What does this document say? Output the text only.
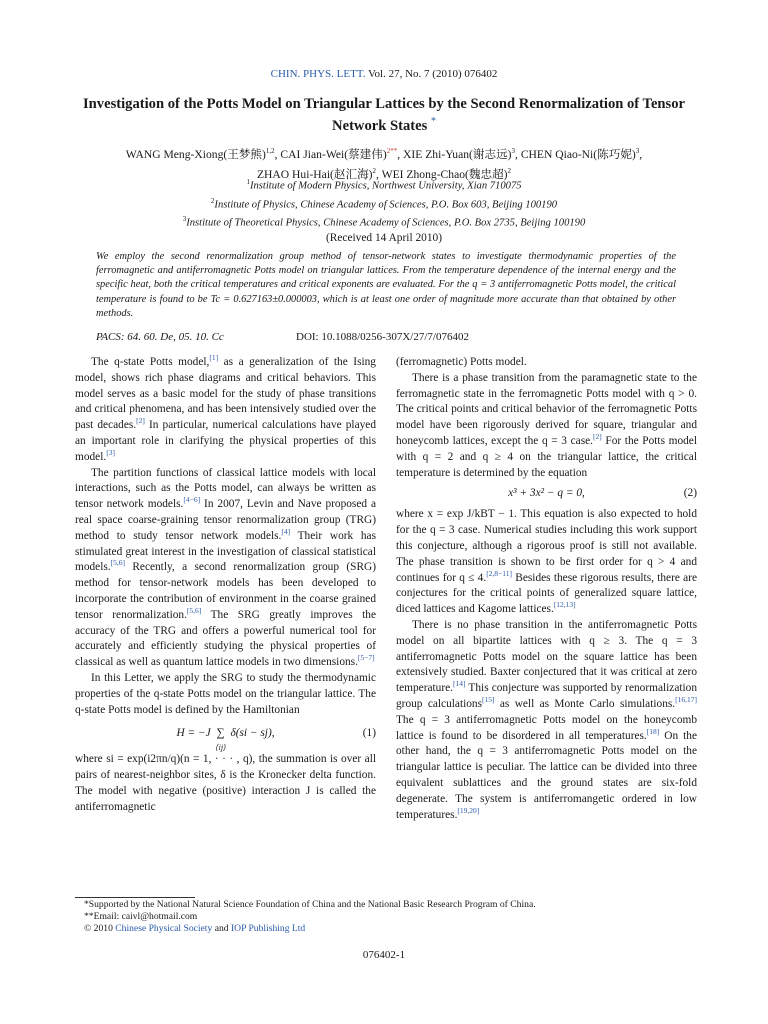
CHIN. PHYS. LETT. Vol. 27, No. 7 (2010) 076402
Investigation of the Potts Model on Triangular Lattices by the Second Renormalization of Tensor Network States *
WANG Meng-Xiong(王梦熊)$^{1,2}$, CAI Jian-Wei(蔡建伟)$^{2**}$, XIE Zhi-Yuan(谢志远)$^3$, CHEN Qiao-Ni(陈巧妮)$^3$,
ZHAO Hui-Hai(赵汇海)$^2$, WEI Zhong-Chao(魏忠超)$^2$
$^1$Institute of Modern Physics, Northwest University, Xian 710075
$^2$Institute of Physics, Chinese Academy of Sciences, P.O. Box 603, Beijing 100190
$^3$Institute of Theoretical Physics, Chinese Academy of Sciences, P.O. Box 2735, Beijing 100190
(Received 14 April 2010)
We employ the second renormalization group method of tensor-network states to investigate thermodynamic properties of the ferromagnetic and antiferromagnetic Potts model on triangular lattices. From the temperature dependence of the internal energy and the specific heat, both the critical temperatures and critical exponents are evaluated. For the q = 3 antiferromagnetic Potts model, the critical temperature is found to be Tc = 0.627163±0.000003, which is at least one order of magnitude more accurate than that obtained by other methods.
PACS: 64. 60. De, 05. 10. Cc	DOI: 10.1088/0256-307X/27/7/076402

The q-state Potts model,[1] as a generalization of the Ising model, shows rich phase diagrams and critical behaviors. This model serves as a basic model for the study of phase transitions and critical phenomena, and has been intensively studied over the past decades.[2] In particular, numerical calculations have played an important role in clarifying the physical properties of this model.[3]

The partition functions of classical lattice models with local interactions, such as the Potts model, can always be written as tensor network models.[4−6] In 2007, Levin and Nave proposed a real space coarse-graining tensor renormalization group (TRG) method to study tensor network models.[4] Their work has stimulated great interest in the investigation of classical statistical models.[5,6] Recently, a second renormalization group (SRG) method for tensor-network models has been developed to incorporate the contribution of environment in the coarse grained tensor renormalization.[5,6] The SRG greatly improves the accuracy of the TRG and offers a powerful numerical tool for accurately and efficiently studying the physical properties of classical as well as quantum lattice models in two dimensions.[5−7]

In this Letter, we apply the SRG to study the thermodynamic properties of the q-state Potts model on the triangular lattice. The q-state Potts model is defined by the Hamiltonian

H = −J ∑
⟨ij⟩
δ(si − sj),	(1)

where si = exp(i2πn/q)(n = 1, · · · , q), the summation is over all pairs of nearest-neighbor sites, δ is the Kronecker delta function. The model with negative (positive) interaction J is called the antiferromagnetic

(ferromagnetic) Potts model.

There is a phase transition from the paramagnetic state to the ferromagnetic state in the ferromagnetic Potts model with q > 0. The critical points and critical behavior of the ferromagnetic Potts model have been rigorously derived for square, triangular and honeycomb lattices, except the q = 3 case.[2] For the Potts model with q = 2 and q ≥ 4 on the triangular lattice, the critical temperature is determined by the equation

x³ + 3x² − q = 0,	(2)

where x = exp J/kBT − 1. This equation is also expected to hold for the q = 3 case. Numerical studies including this work support this conjecture, although a rigorous proof is still not available. The phase transition is shown to be first order for q > 4 and continues for q ≤ 4.[2,8−11] Besides these rigorous results, there are conjectures for the critical points of generalized square lattice, diced lattices and Kagome lattices.[12,13]

There is no phase transition in the antiferromagnetic Potts model on all bipartite lattices with q ≥ 3. The q = 3 antiferromagnetic Potts model on the square lattice has been extensively studied. Baxter conjectured that it was critical at zero temperature.[14] This conjecture was supported by renormalization group calculations[15] as well as Monte Carlo simulations.[16,17] The q = 3 antiferromagnetic Potts model on the honeycomb lattice is found to be disordered in all temperatures.[18] On the other hand, the q = 3 antiferromagnetic Potts model on the triangular lattice is peculiar. The lattice can be divided into three equivalent sublattices and the ground states are six-fold degenerate. The system is antiferromangetic ordered in low temperatures.[19,20]

*Supported by the National Natural Science Foundation of China and the National Basic Research Program of China.
**Email: caivl@hotmail.com
© 2010 Chinese Physical Society and IOP Publishing Ltd
076402-1
